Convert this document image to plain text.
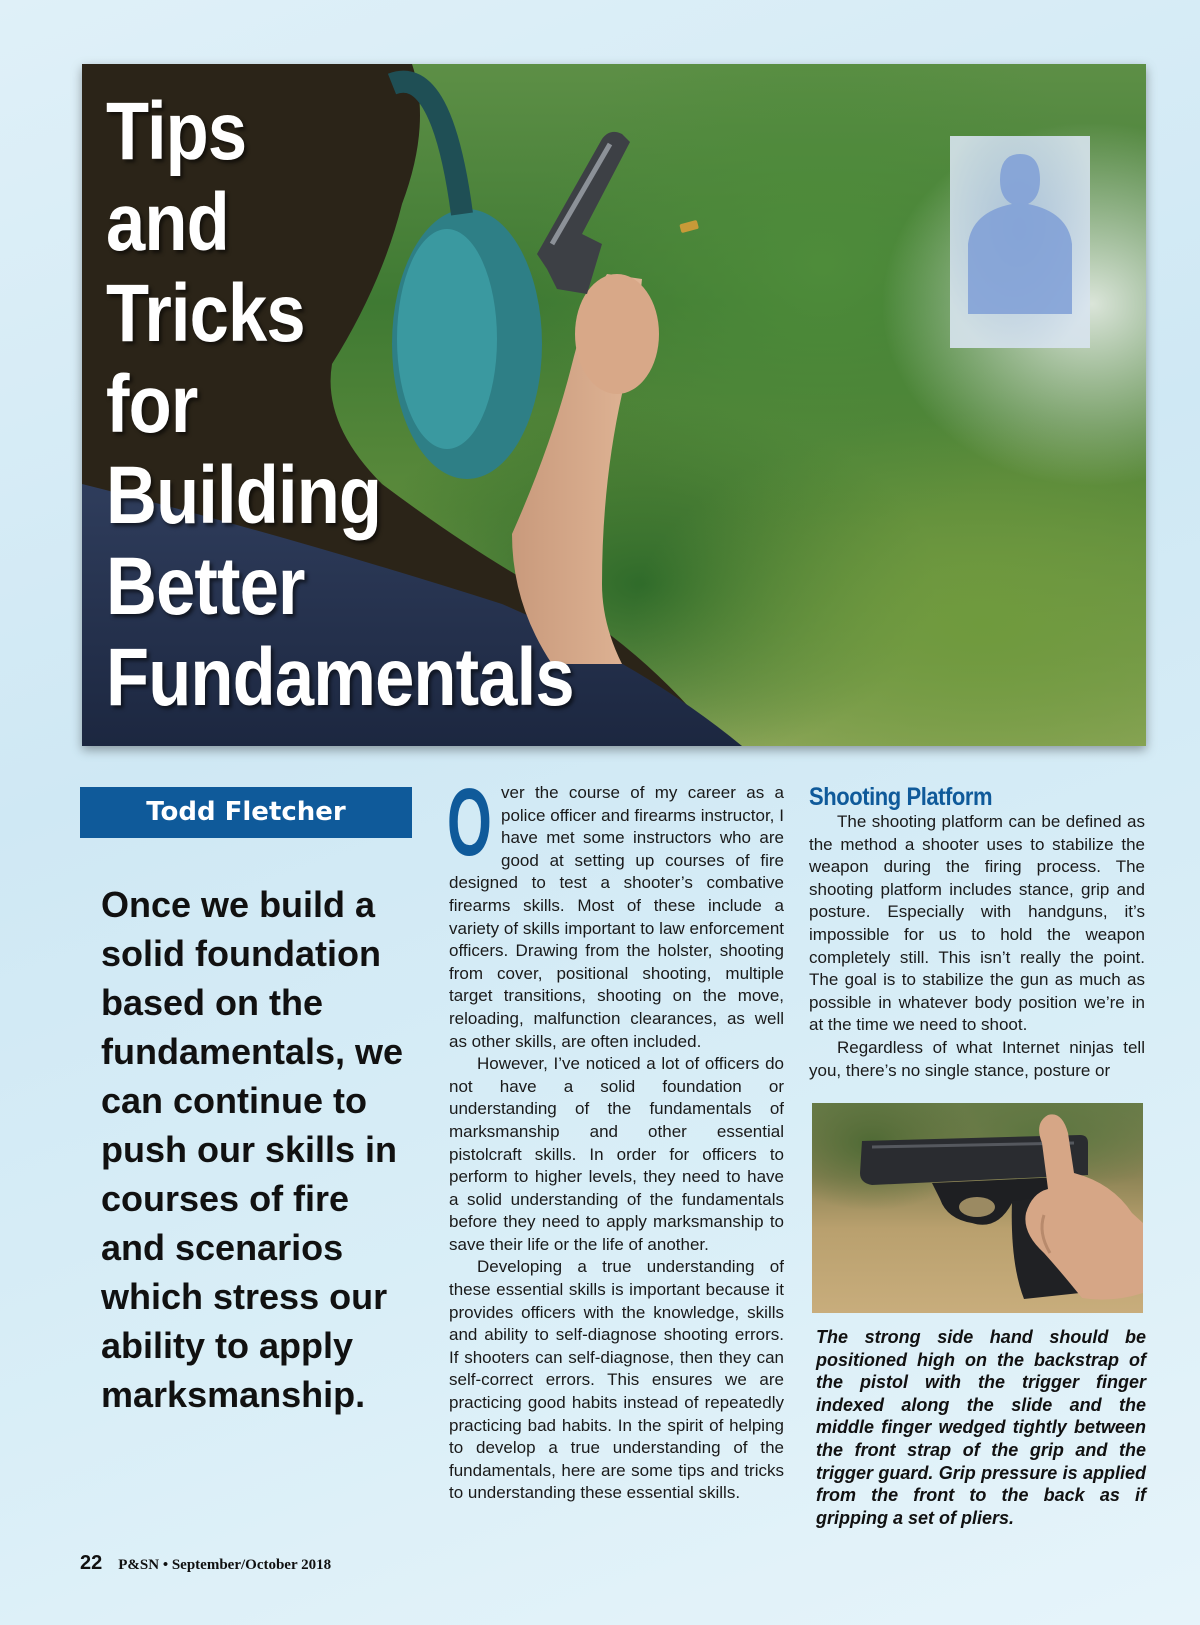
Tips
and
Tricks
for
Building
Better
Fundamentals
Todd Fletcher

Once we build a solid foundation based on the fundamentals, we can continue to push our skills in courses of fire and scenarios which stress our ability to apply marksmanship.

Over the course of my career as a police officer and firearms instructor, I have met some instructors who are good at setting up courses of fire designed to test a shooter’s combative firearms skills. Most of these include a variety of skills important to law enforcement officers. Drawing from the holster, shooting from cover, positional shooting, multiple target transitions, shooting on the move, reloading, malfunction clearances, as well as other skills, are often included.

However, I’ve noticed a lot of officers do not have a solid foundation or understanding of the fundamentals of marksmanship and other essential pistolcraft skills. In order for officers to perform to higher levels, they need to have a solid understanding of the fundamentals before they need to apply marksmanship to save their life or the life of another.

Developing a true understanding of these essential skills is important because it provides officers with the knowledge, skills and ability to self-diagnose shooting errors. If shooters can self-diagnose, then they can self-correct errors. This ensures we are practicing good habits instead of repeatedly practicing bad habits. In the spirit of helping to develop a true understanding of the fundamentals, here are some tips and tricks to understanding these essential skills.

Shooting Platform

The shooting platform can be defined as the method a shooter uses to stabilize the weapon during the firing process. The shooting platform includes stance, grip and posture. Especially with handguns, it’s impossible for us to hold the weapon completely still. This isn’t really the point. The goal is to stabilize the gun as much as possible in whatever body position we’re in at the time we need to shoot.

Regardless of what Internet ninjas tell you, there’s no single stance, posture or

The strong side hand should be positioned high on the backstrap of the pistol with the trigger finger indexed along the slide and the middle finger wedged tightly between the front strap of the grip and the trigger guard. Grip pressure is applied from the front to the back as if gripping a set of pliers.

22 P&SN • September/October 2018
